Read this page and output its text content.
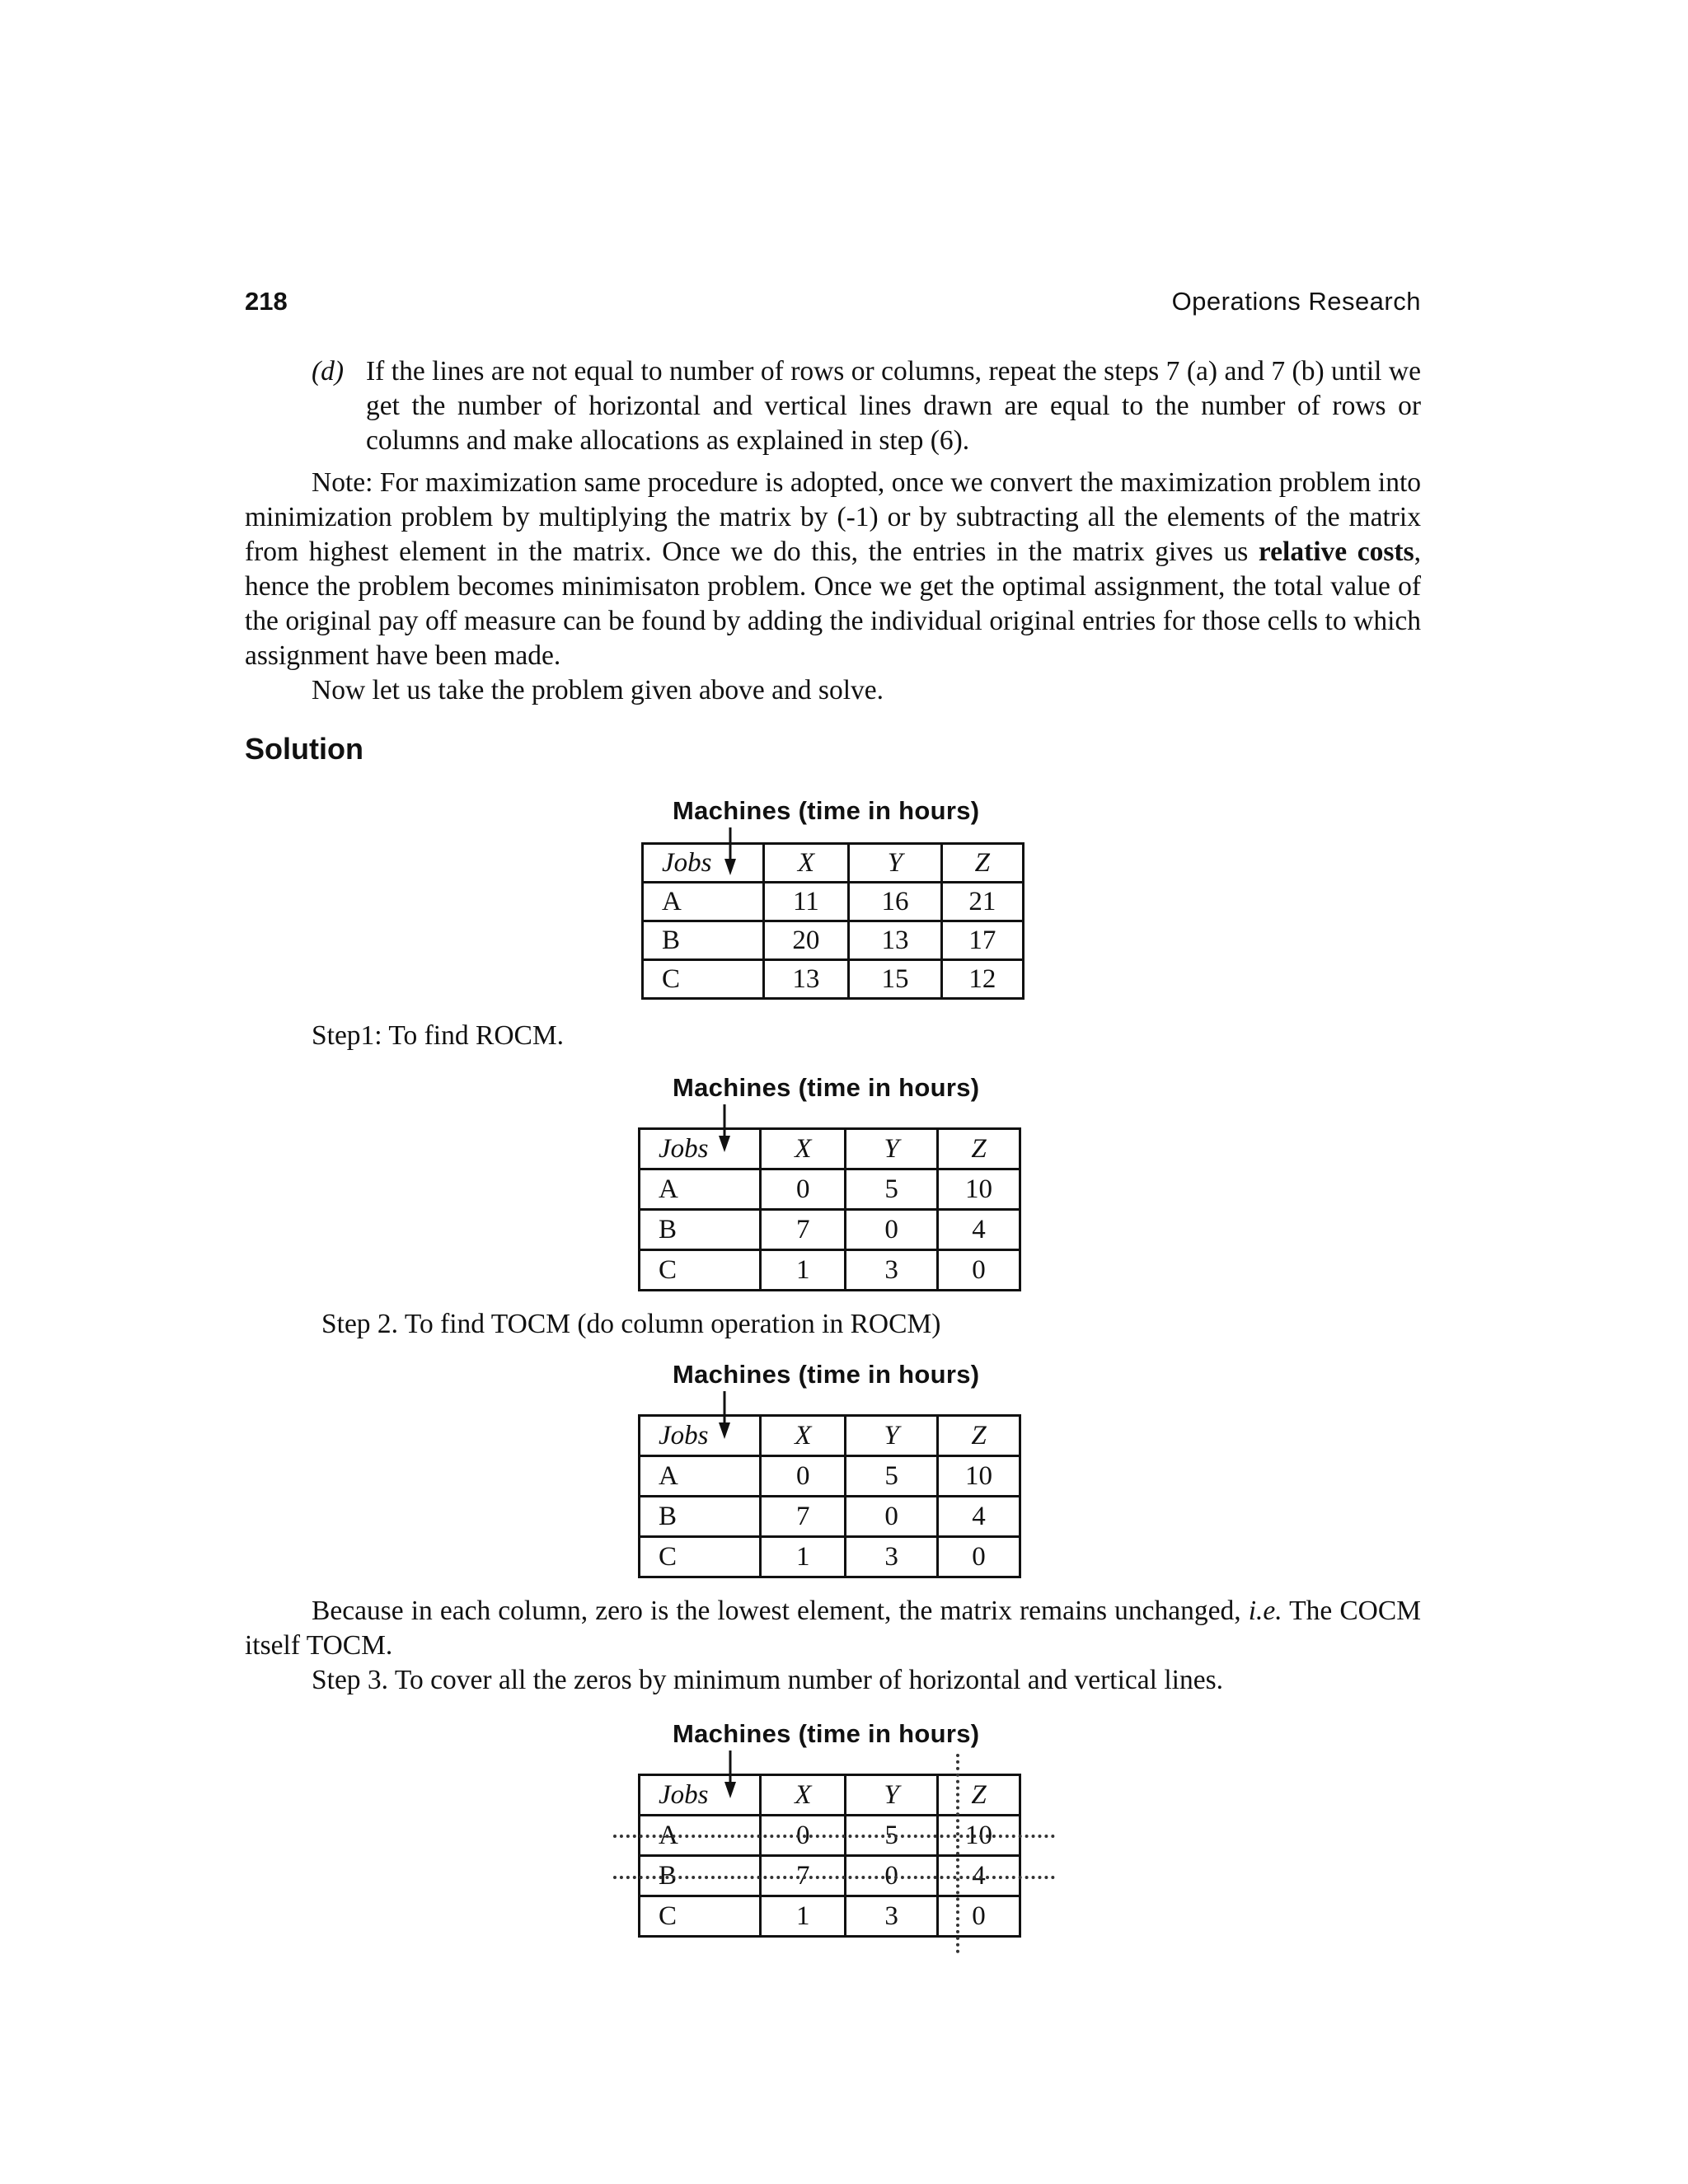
218	Operations Research
(d) If the lines are not equal to number of rows or columns, repeat the steps 7 (a) and 7 (b) until we get the number of horizontal and vertical lines drawn are equal to the number of rows or columns and make allocations as explained in step (6).
Note: For maximization same procedure is adopted, once we convert the maximization problem into minimization problem by multiplying the matrix by (-1) or by subtracting all the elements of the matrix from highest element in the matrix. Once we do this, the entries in the matrix gives us relative costs, hence the problem becomes minimisaton problem. Once we get the optimal assignment, the total value of the original pay off measure can be found by adding the individual original entries for those cells to which assignment have been made.
Now let us take the problem given above and solve.
Solution
Machines (time in hours)
Jobs	X	Y	Z
A	11	16	21
B	20	13	17
C	13	15	12
Step1: To find ROCM.
Machines (time in hours)
Jobs	X	Y	Z
A	0	5	10
B	7	0	4
C	1	3	0
Step 2. To find TOCM (do column operation in ROCM)
Machines (time in hours)
Jobs	X	Y	Z
A	0	5	10
B	7	0	4
C	1	3	0
Because in each column, zero is the lowest element, the matrix remains unchanged, i.e. The COCM itself TOCM.
Step 3. To cover all the zeros by minimum number of horizontal and vertical lines.
Machines (time in hours)
Jobs	X	Y	Z
A	0	5	10
B	7	0	4
C	1	3	0
